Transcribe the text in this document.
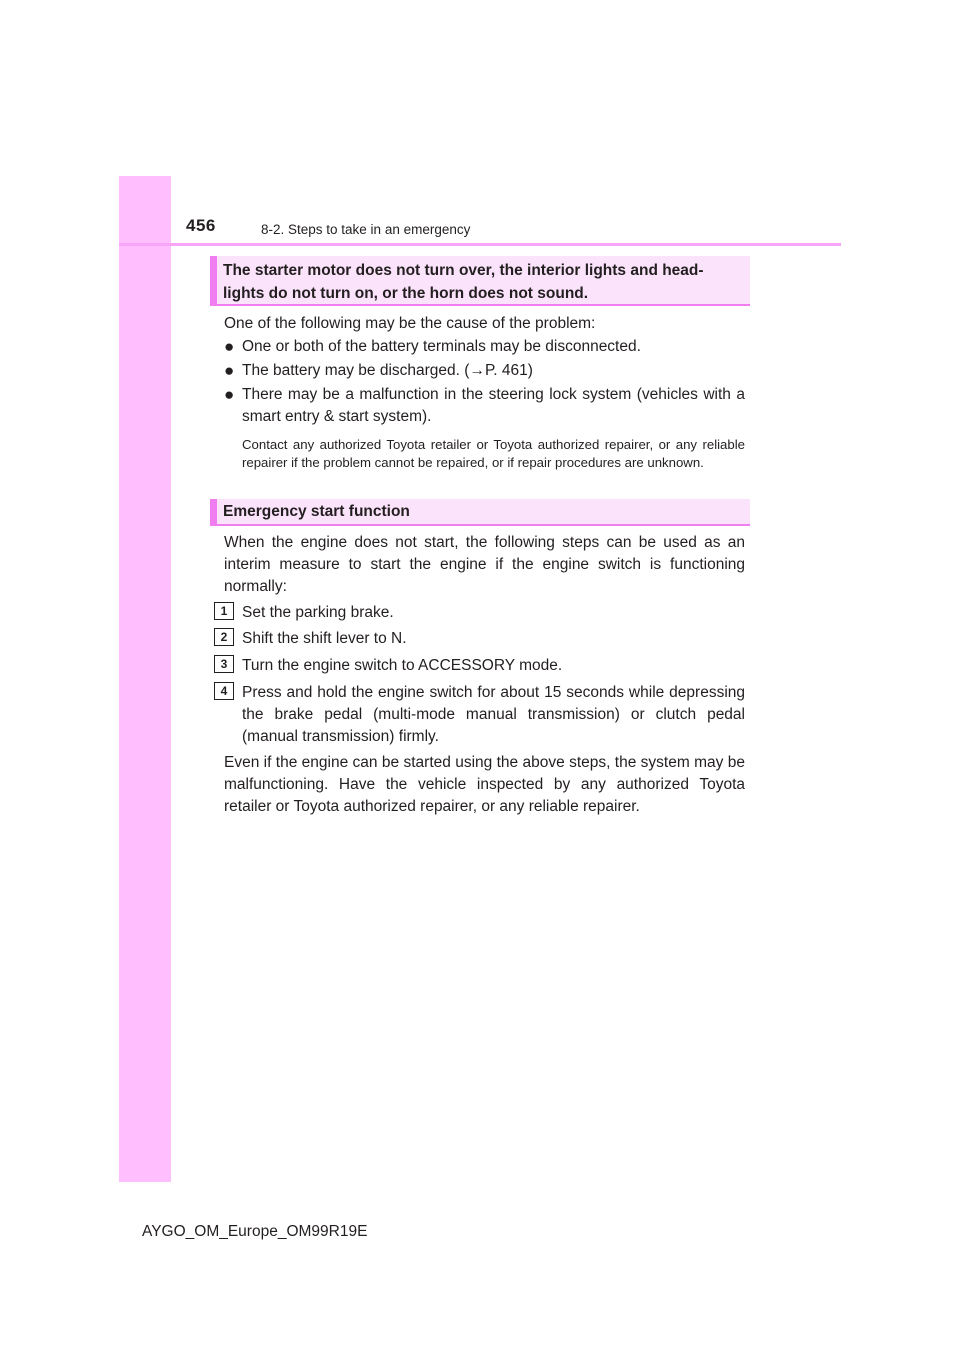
456	8-2. Steps to take in an emergency
The starter motor does not turn over, the interior lights and head-
lights do not turn on, or the horn does not sound.

One of the following may be the cause of the problem:

● One or both of the battery terminals may be disconnected.
● The battery may be discharged. (→P. 461)
● There may be a malfunction in the steering lock system (vehicles with a smart entry & start system).

Contact any authorized Toyota retailer or Toyota authorized repairer, or any reliable repairer if the problem cannot be repaired, or if repair procedures are unknown.

Emergency start function

When the engine does not start, the following steps can be used as an interim measure to start the engine if the engine switch is functioning normally:

1 Set the parking brake.
2 Shift the shift lever to N.
3 Turn the engine switch to ACCESSORY mode.
4 Press and hold the engine switch for about 15 seconds while depressing the brake pedal (multi-mode manual transmission) or clutch pedal (manual transmission) firmly.

Even if the engine can be started using the above steps, the system may be malfunctioning. Have the vehicle inspected by any authorized Toyota retailer or Toyota authorized repairer, or any reliable repairer.

AYGO_OM_Europe_OM99R19E
